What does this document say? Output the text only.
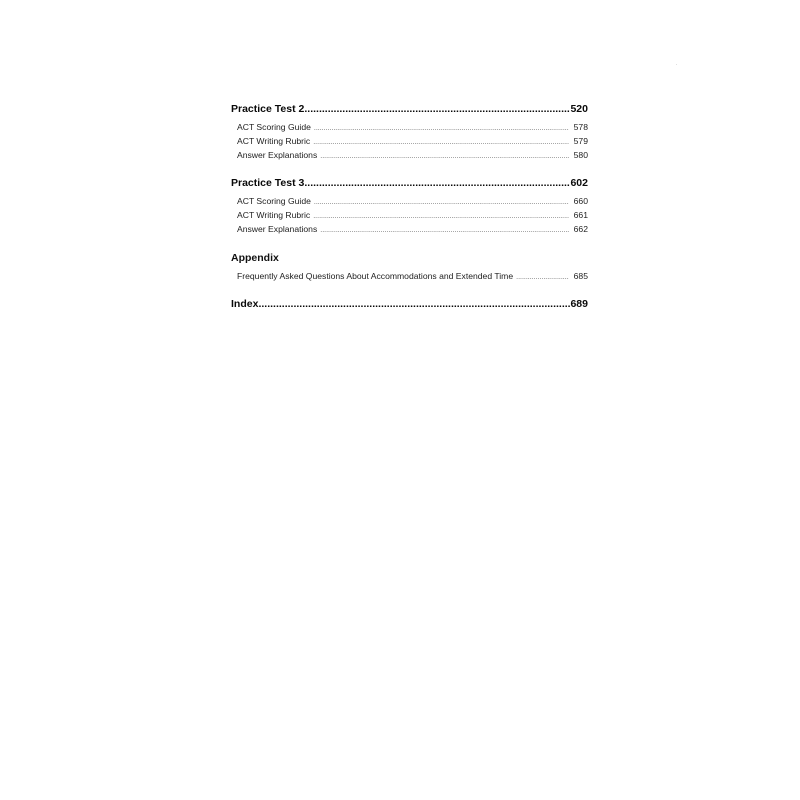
Practice Test 2 .....	520
ACT Scoring Guide .....	578
ACT Writing Rubric .....	579
Answer Explanations .....	580
Practice Test 3 .....	602
ACT Scoring Guide .....	660
ACT Writing Rubric .....	661
Answer Explanations .....	662
Appendix
Frequently Asked Questions About Accommodations and Extended Time .....	685
Index .....	689
